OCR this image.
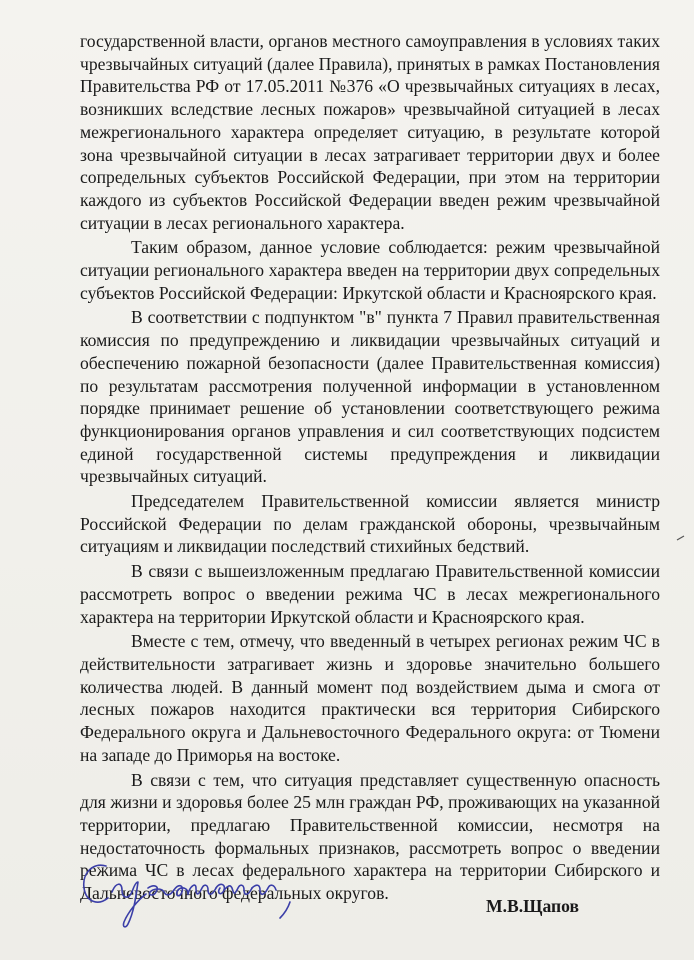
государственной власти, органов местного самоуправления в условиях таких чрезвычайных ситуаций (далее Правила), принятых в рамках Постановления Правительства РФ от 17.05.2011 №376 «О чрезвычайных ситуациях в лесах, возникших вследствие лесных пожаров» чрезвычайной ситуацией в лесах межрегионального характера определяет ситуацию, в результате которой зона чрезвычайной ситуации в лесах затрагивает территории двух и более сопредельных субъектов Российской Федерации, при этом на территории каждого из субъектов Российской Федерации введен режим чрезвычайной ситуации в лесах регионального характера.

Таким образом, данное условие соблюдается: режим чрезвычайной ситуации регионального характера введен на территории двух сопредельных субъектов Российской Федерации: Иркутской области и Красноярского края.

В соответствии с подпунктом "в" пункта 7 Правил правительственная комиссия по предупреждению и ликвидации чрезвычайных ситуаций и обеспечению пожарной безопасности (далее Правительственная комиссия) по результатам рассмотрения полученной информации в установленном порядке принимает решение об установлении соответствующего режима функционирования органов управления и сил соответствующих подсистем единой государственной системы предупреждения и ликвидации чрезвычайных ситуаций.

Председателем Правительственной комиссии является министр Российской Федерации по делам гражданской обороны, чрезвычайным ситуациям и ликвидации последствий стихийных бедствий.

В связи с вышеизложенным предлагаю Правительственной комиссии рассмотреть вопрос о введении режима ЧС в лесах межрегионального характера на территории Иркутской области и Красноярского края.

Вместе с тем, отмечу, что введенный в четырех регионах режим ЧС в действительности затрагивает жизнь и здоровье значительно большего количества людей. В данный момент под воздействием дыма и смога от лесных пожаров находится практически вся территория Сибирского Федерального округа и Дальневосточного Федерального округа: от Тюмени на западе до Приморья на востоке.

В связи с тем, что ситуация представляет существенную опасность для жизни и здоровья более 25 млн граждан РФ, проживающих на указанной территории, предлагаю Правительственной комиссии, несмотря на недостаточность формальных признаков, рассмотреть вопрос о введении режима ЧС в лесах федерального характера на территории Сибирского и Дальневосточного федеральных округов.

М.В.Щапов
